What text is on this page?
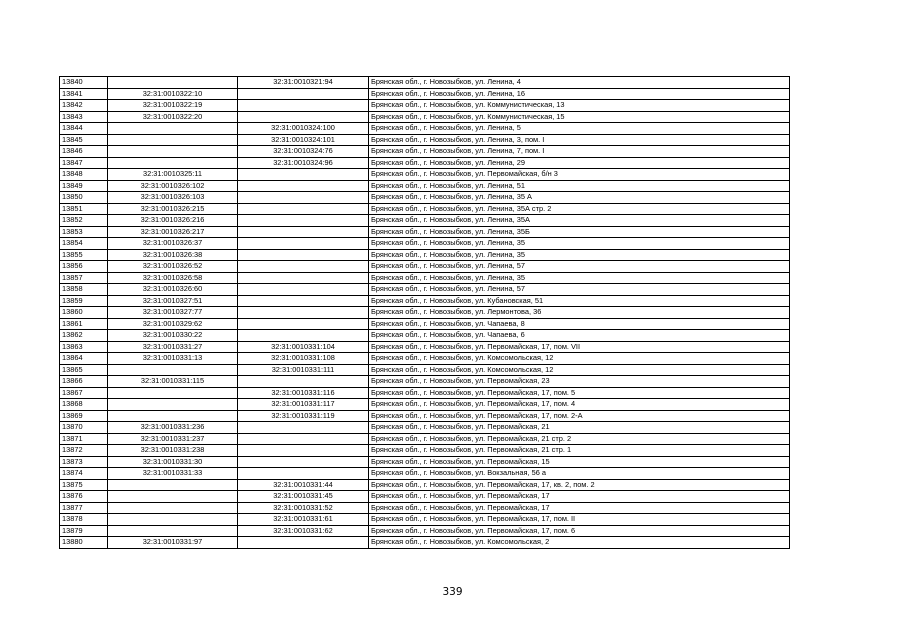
13840		32:31:0010321:94	Брянская обл., г. Новозыбков, ул. Ленина, 4
13841	32:31:0010322:10		Брянская обл., г. Новозыбков, ул. Ленина, 16
13842	32:31:0010322:19		Брянская обл., г. Новозыбков, ул. Коммунистическая, 13
13843	32:31:0010322:20		Брянская обл., г. Новозыбков, ул. Коммунистическая, 15
13844		32:31:0010324:100	Брянская обл., г. Новозыбков, ул. Ленина, 5
13845		32:31:0010324:101	Брянская обл., г. Новозыбков, ул. Ленина, 3, пом. I
13846		32:31:0010324:76	Брянская обл., г. Новозыбков, ул. Ленина, 7, пом. I
13847		32:31:0010324:96	Брянская обл., г. Новозыбков, ул. Ленина, 29
13848	32:31:0010325:11		Брянская обл., г. Новозыбков, ул. Первомайская, б/н 3
13849	32:31:0010326:102		Брянская обл., г. Новозыбков, ул. Ленина, 51
13850	32:31:0010326:103		Брянская обл., г. Новозыбков, ул. Ленина, 35 А
13851	32:31:0010326:215		Брянская обл., г. Новозыбков, ул. Ленина, 35А стр. 2
13852	32:31:0010326:216		Брянская обл., г. Новозыбков, ул. Ленина, 35А
13853	32:31:0010326:217		Брянская обл., г. Новозыбков, ул. Ленина, 35Б
13854	32:31:0010326:37		Брянская обл., г. Новозыбков, ул. Ленина, 35
13855	32:31:0010326:38		Брянская обл., г. Новозыбков, ул. Ленина, 35
13856	32:31:0010326:52		Брянская обл., г. Новозыбков, ул. Ленина, 57
13857	32:31:0010326:58		Брянская обл., г. Новозыбков, ул. Ленина, 35
13858	32:31:0010326:60		Брянская обл., г. Новозыбков, ул. Ленина, 57
13859	32:31:0010327:51		Брянская обл., г. Новозыбков, ул. Кубановская, 51
13860	32:31:0010327:77		Брянская обл., г. Новозыбков, ул. Лермонтова, 36
13861	32:31:0010329:62		Брянская обл., г. Новозыбков, ул. Чапаева, 8
13862	32:31:0010330:22		Брянская обл., г. Новозыбков, ул. Чапаева, 6
13863	32:31:0010331:27	32:31:0010331:104	Брянская обл., г. Новозыбков, ул. Первомайская, 17, пом. VII
13864	32:31:0010331:13	32:31:0010331:108	Брянская обл., г. Новозыбков, ул. Комсомольская, 12
13865		32:31:0010331:111	Брянская обл., г. Новозыбков, ул. Комсомольская, 12
13866	32:31:0010331:115		Брянская обл., г. Новозыбков, ул. Первомайская, 23
13867		32:31:0010331:116	Брянская обл., г. Новозыбков, ул. Первомайская, 17, пом. 5
13868		32:31:0010331:117	Брянская обл., г. Новозыбков, ул. Первомайская, 17, пом. 4
13869		32:31:0010331:119	Брянская обл., г. Новозыбков, ул. Первомайская, 17, пом. 2-А
13870	32:31:0010331:236		Брянская обл., г. Новозыбков, ул. Первомайская, 21
13871	32:31:0010331:237		Брянская обл., г. Новозыбков, ул. Первомайская, 21 стр. 2
13872	32:31:0010331:238		Брянская обл., г. Новозыбков, ул. Первомайская, 21 стр. 1
13873	32:31:0010331:30		Брянская обл., г. Новозыбков, ул. Первомайская, 15
13874	32:31:0010331:33		Брянская обл., г. Новозыбков, ул. Вокзальная, 56 а
13875		32:31:0010331:44	Брянская обл., г. Новозыбков, ул. Первомайская, 17, кв. 2, пом. 2
13876		32:31:0010331:45	Брянская обл., г. Новозыбков, ул. Первомайская, 17
13877		32:31:0010331:52	Брянская обл., г. Новозыбков, ул. Первомайская, 17
13878		32:31:0010331:61	Брянская обл., г. Новозыбков, ул. Первомайская, 17, пом. II
13879		32:31:0010331:62	Брянская обл., г. Новозыбков, ул. Первомайская, 17, пом. 6
13880	32:31:0010331:97		Брянская обл., г. Новозыбков, ул. Комсомольская, 2
339
